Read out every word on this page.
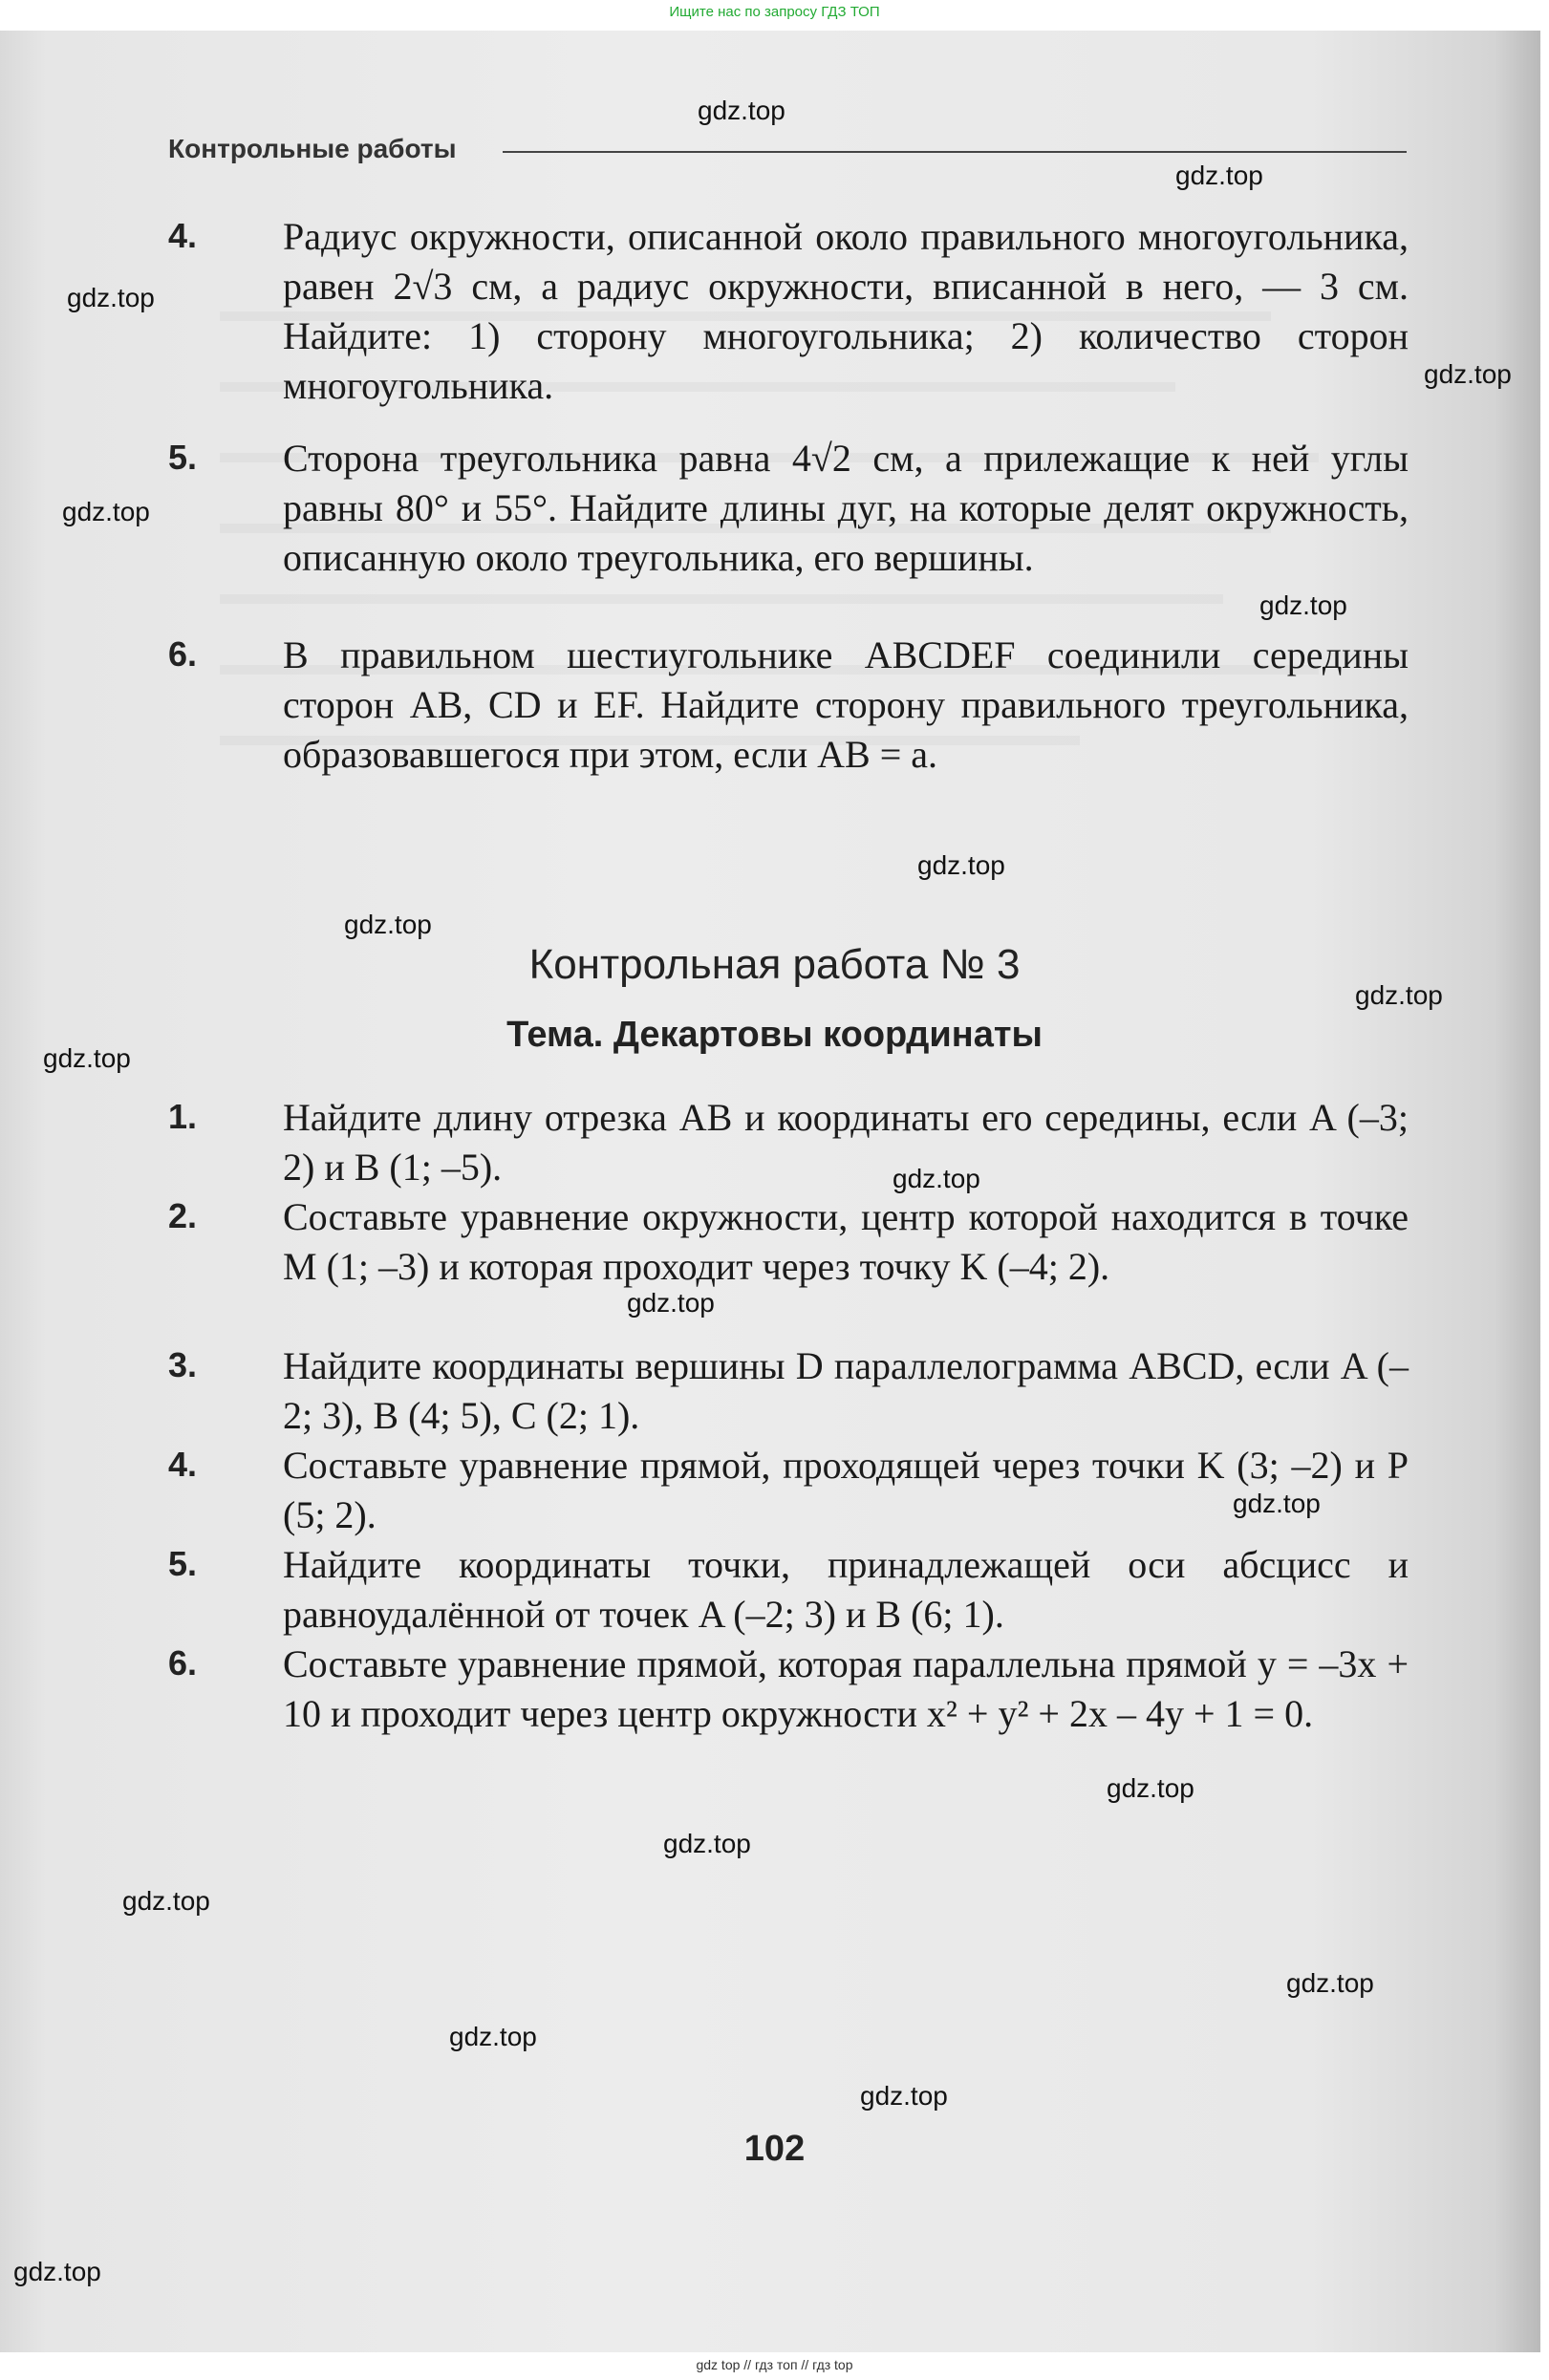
Ищите нас по запросу ГДЗ ТОП
Контрольные работы
4.	Радиус окружности, описанной около правильного многоугольника, равен 2√3 см, а радиус окружности, вписанной в него, — 3 см. Найдите: 1) сторону многоугольника; 2) количество сторон многоугольника.
5.	Сторона треугольника равна 4√2 см, а прилежащие к ней углы равны 80° и 55°. Найдите длины дуг, на которые делят окружность, описанную около треугольника, его вершины.
6.	В правильном шестиугольнике ABCDEF соединили середины сторон AB, CD и EF. Найдите сторону правильного треугольника, образовавшегося при этом, если AB = a.
Контрольная работа № 3
Тема. Декартовы координаты
1.	Найдите длину отрезка AB и координаты его середины, если A (–3; 2) и B (1; –5).
2.	Составьте уравнение окружности, центр которой находится в точке M (1; –3) и которая проходит через точку K (–4; 2).
3.	Найдите координаты вершины D параллелограмма ABCD, если A (–2; 3), B (4; 5), C (2; 1).
4.	Составьте уравнение прямой, проходящей через точки K (3; –2) и P (5; 2).
5.	Найдите координаты точки, принадлежащей оси абсцисс и равноудалённой от точек A (–2; 3) и B (6; 1).
6.	Составьте уравнение прямой, которая параллельна прямой y = –3x + 10 и проходит через центр окружности x² + y² + 2x – 4y + 1 = 0.
102
gdz.top
gdz.top
gdz.top
gdz.top
gdz.top
gdz.top
gdz.top
gdz.top
gdz.top
gdz.top
gdz.top
gdz.top
gdz.top
gdz.top
gdz.top
gdz.top
gdz.top
gdz.top
gdz.top
gdz.top
gdz top // гдз топ // гдз top
